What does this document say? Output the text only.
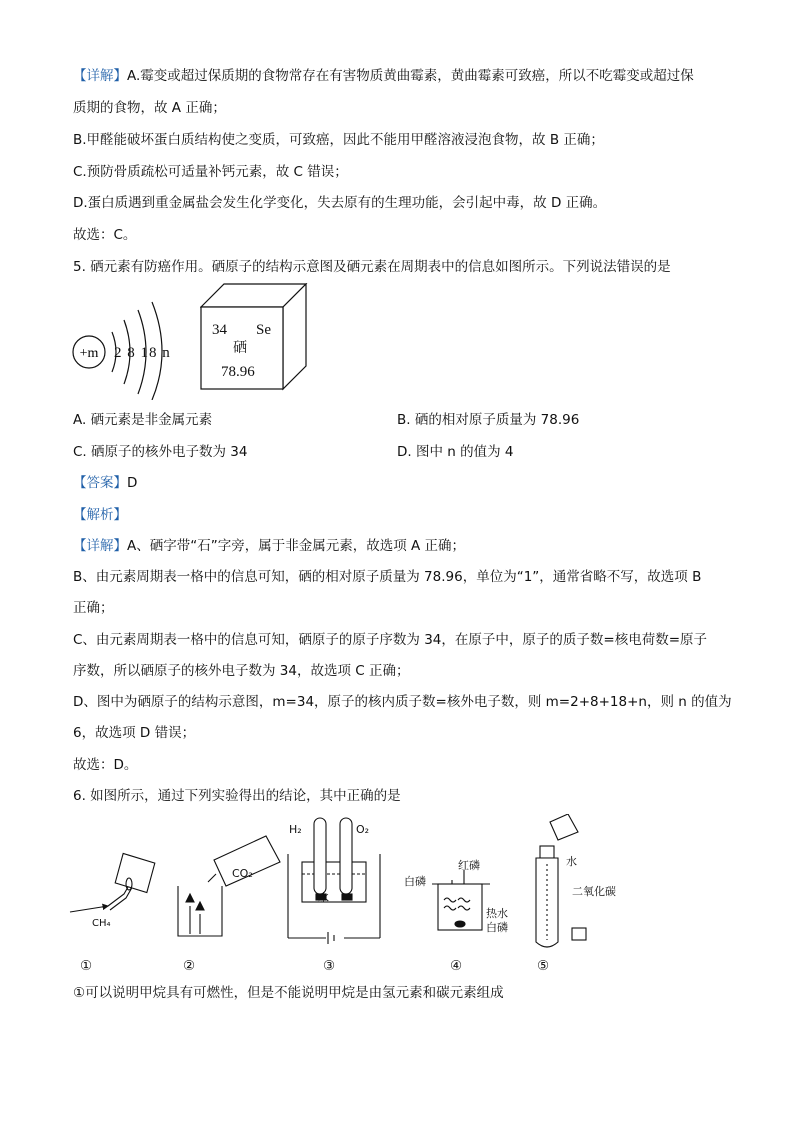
【详解】A.霉变或超过保质期的食物常存在有害物质黄曲霉素，黄曲霉素可致癌，所以不吃霉变或超过保
质期的食物，故 A 正确；
B.甲醛能破坏蛋白质结构使之变质，可致癌，因此不能用甲醛溶液浸泡食物，故 B 正确；
C.预防骨质疏松可适量补钙元素，故 C 错误；
D.蛋白质遇到重金属盐会发生化学变化，失去原有的生理功能，会引起中毒，故 D 正确。
故选：C。
5. 硒元素有防癌作用。硒原子的结构示意图及硒元素在周期表中的信息如图所示。下列说法错误的是
+m 2 8 18 n
34 Se
硒
78.96
A. 硒元素是非金属元素	B. 硒的相对原子质量为 78.96
C. 硒原子的核外电子数为 34	D. 图中 n 的值为 4
【答案】D
【解析】
【详解】A、硒字带“石”字旁，属于非金属元素，故选项 A 正确；
B、由元素周期表一格中的信息可知，硒的相对原子质量为 78.96，单位为“1”，通常省略不写，故选项 B
正确；
C、由元素周期表一格中的信息可知，硒原子的原子序数为 34，在原子中，原子的质子数=核电荷数=原子
序数，所以硒原子的核外电子数为 34，故选项 C 正确；
D、图中为硒原子的结构示意图，m=34，原子的核内质子数=核外电子数，则 m=2+8+18+n，则 n 的值为
6，故选项 D 错误；
故选：D。
6. 如图所示，通过下列实验得出的结论，其中正确的是
CH₄
CO₂
H₂	O₂
水
白磷
红磷
热水
白磷
水
二氧化碳
①	②	③	④	⑤
①可以说明甲烷具有可燃性，但是不能说明甲烷是由氢元素和碳元素组成
